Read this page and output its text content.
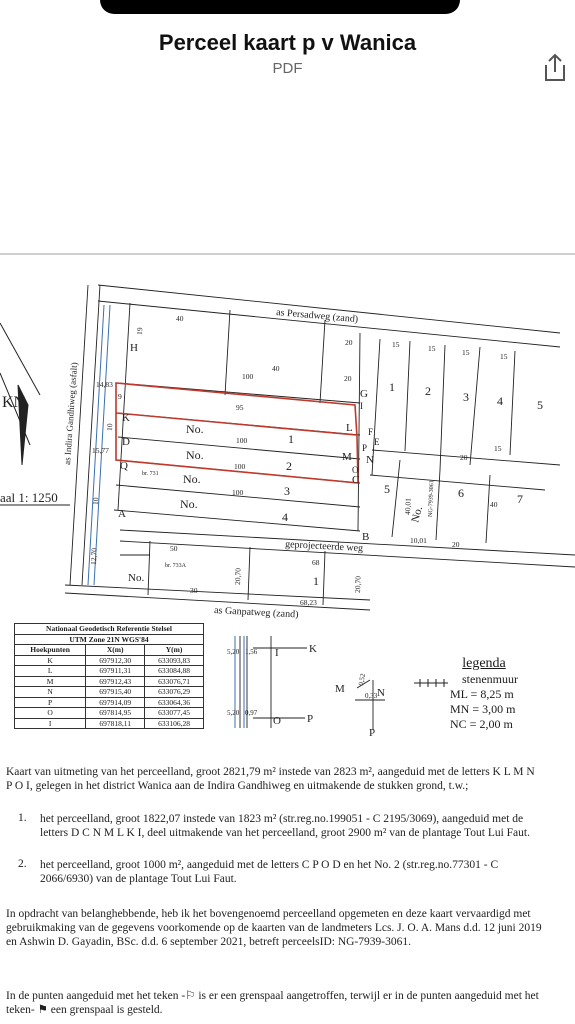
Perceel kaart p v Wanica
PDF
KN
aal 1: 1250
as Persadweg (zand)
as Indira Gandhiweg (asfalt)
as Ganpatweg (zand)
geprojecteerde weg
No.
No.
No.
No.
1
2
3
4
1	2	3 4	5
5	6	7
1
No.
No.
H
G
K
L
D
M N
Q
C
P
A
B
F
E
O
I
40
100
40
20	15	15	15	15
95
100
100
100
50
68
68,23
20
20
20
15
40
40,01
10,01
20,70	20,70
12,70
30
10
19
14,83
15,77
9
10
br. 731
br. 733A
NG-7939-3061
Nationaal Geodetisch Referentie Stelsel		
UTM Zone 21N WGS'84		
Hoekpunten	X(m)	Y(m)
K	697912,30	633093,83
L	697911,31	633084,88
M	697912,43	633076,71
N	697915,40	633076,29
P	697914,09	633064,36
O	697814,95	633077,45
I	697818,11	633106,28
5,20 1,56
5,20 0,97
0,52
0,33
I	K
O P
M	N
P
legenda
stenenmuur
ML = 8,25 m
MN = 3,00 m
NC = 2,00 m
Kaart van uitmeting van het perceelland, groot 2821,79 m² instede van 2823 m², aangeduid met de letters K L M N P O I, gelegen in het district Wanica aan de Indira Gandhiweg en uitmakende de stukken grond, t.w.;
1. het perceelland, groot 1822,07 instede van 1823 m² (str.reg.no.199051 - C 2195/3069), aangeduid met de letters D C N M L K I, deel uitmakende van het perceelland, groot 2900 m² van de plantage Tout Lui Faut.
2. het perceelland, groot 1000 m², aangeduid met de letters C P O D en het No. 2 (str.reg.no.77301 - C 2066/6930) van de plantage Tout Lui Faut.
In opdracht van belanghebbende, heb ik het bovengenoemd perceelland opgemeten en deze kaart vervaardigd met gebruikmaking van de gegevens voorkomende op de kaarten van de landmeters Lcs. J. O. A. Mans d.d. 12 juni 2019 en Ashwin D. Gayadin, BSc. d.d. 6 september 2021, betreft perceelsID: NG-7939-3061.
In de punten aangeduid met het teken -⚐ is er een grenspaal aangetroffen, terwijl er in de punten aangeduid met het teken- ⚑ een grenspaal is gesteld.
